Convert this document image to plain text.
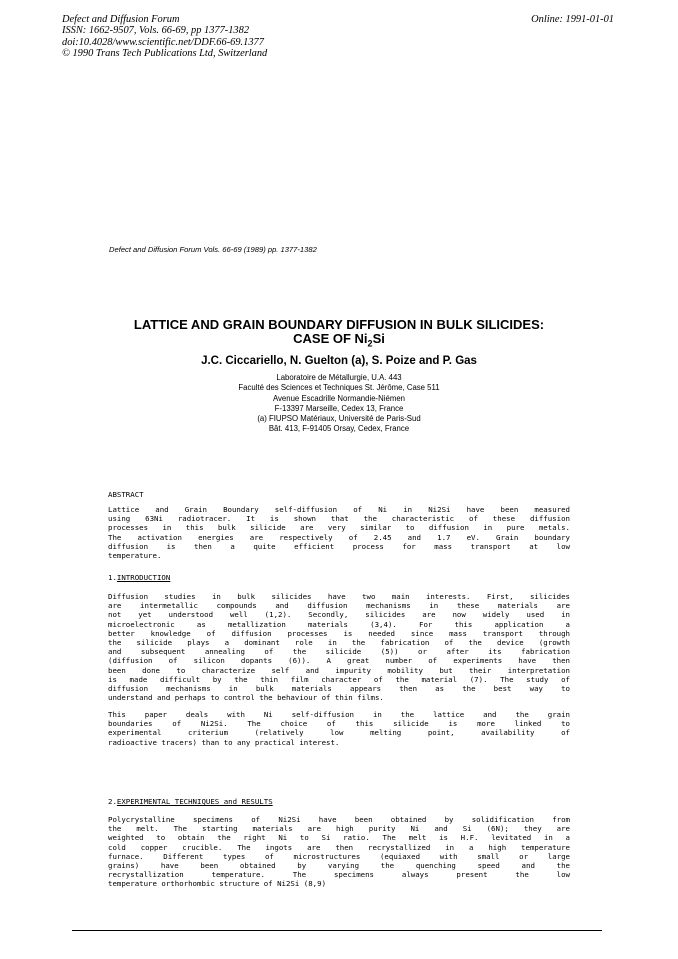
Defect and Diffusion Forum
ISSN: 1662-9507, Vols. 66-69, pp 1377-1382
doi:10.4028/www.scientific.net/DDF.66-69.1377
© 1990 Trans Tech Publications Ltd, Switzerland
Online: 1991-01-01
Defect and Diffusion Forum Vols. 66-69 (1989) pp. 1377-1382
LATTICE AND GRAIN BOUNDARY DIFFUSION IN BULK SILICIDES:
CASE OF $Ni_2Si$
J.C. Ciccariello, N. Guelton (a), S. Poize and P. Gas
Laboratoire de Métallurgie, U.A. 443
Faculté des Sciences et Techniques St. Jérôme, Case 511
Avenue Escadrille Normandie-Niémen
F-13397 Marseille, Cedex 13, France
(a) FIUPSO Matériaux, Université de Paris-Sud
Bât. 413, F-91405 Orsay, Cedex, France
ABSTRACT
Lattice and Grain Boundary self-diffusion of Ni in Ni2Si have been measured
using 63Ni radiotracer. It is shown that the characteristic of these diffusion
processes in this bulk silicide are very similar to diffusion in pure metals.
The activation energies are respectively of 2.45 and 1.7 eV. Grain boundary
diffusion is then a quite efficient process for mass transport at low
temperature.
1.INTRODUCTION
Diffusion studies in bulk silicides have two main interests. First, silicides
are intermetallic compounds and diffusion mechanisms in these materials are
not yet understood well (1,2). Secondly, silicides are now widely used in
microelectronic as metallization materials (3,4). For this application a
better knowledge of diffusion processes is needed since mass transport through
the silicide plays a dominant role in the fabrication of the device (growth
and subsequent annealing of the silicide (5)) or after its fabrication
(diffusion of silicon dopants (6)). A great number of experiments have then
been done to characterize self and impurity mobility but their interpretation
is made difficult by the thin film character of the material (7). The study of
diffusion mechanisms in bulk materials appears then as the best way to
understand and perhaps to control the behaviour of thin films.
This paper deals with Ni self-diffusion in the lattice and the grain
boundaries of Ni2Si. The choice of this silicide is more linked to
experimental criterium (relatively low melting point, availability of
radioactive tracers) than to any practical interest.
2.EXPERIMENTAL TECHNIQUES and RESULTS
Polycrystalline specimens of Ni2Si have been obtained by solidification from
the melt. The starting materials are high purity Ni and Si (6N); they are
weighted to obtain the right Ni to Si ratio. The melt is H.F. levitated in a
cold copper crucible. The ingots are then recrystallized in a high temperature
furnace. Different types of microstructures (equiaxed with small or large
grains) have been obtained by varying the quenching speed and the
recrystallization temperature. The specimens always present the low
temperature orthorhombic structure of Ni2Si (8,9)
